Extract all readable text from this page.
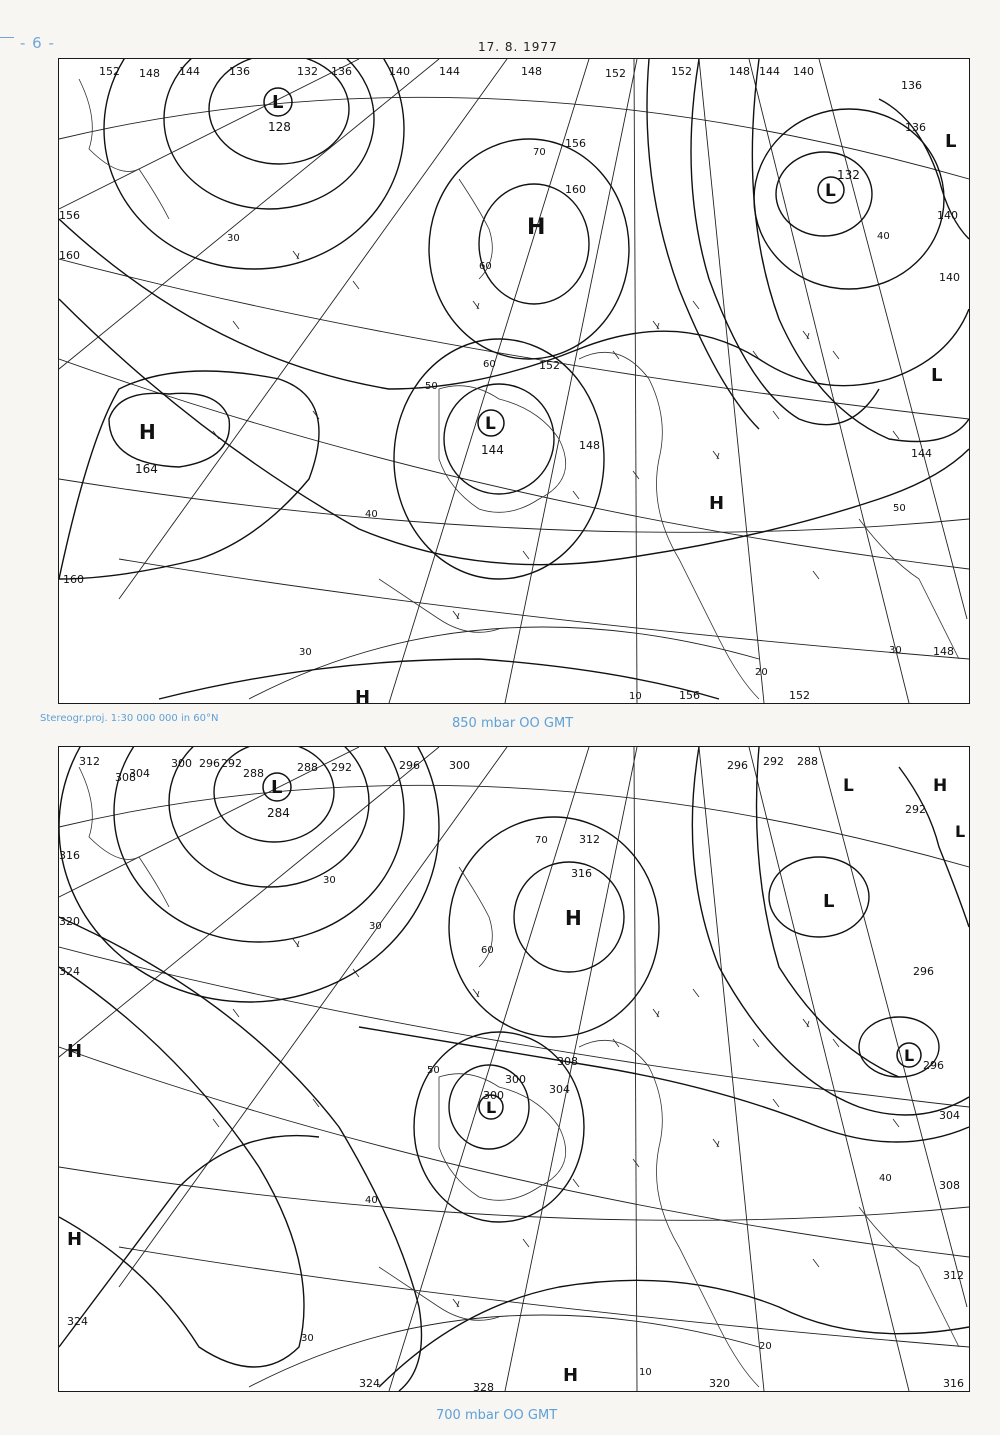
- 6 -	17. 8. 1977
L
128
H
H
164
L
144
L
132
L
L
H
H
152 148 144	136	132 136	140	144	148	152	152	148 144 140
136
136
156
160
160
156
152
148
140
140
144
148
160
156	152
70
60
50
40
30	30
20
10
30	40
50
60
Stereogr.proj. 1:30 000 000 in 60°N	850 mbar OO GMT
L
284
H
316
L
300
L
L
296
L	H
H
H
H
L
312
308
304
300 296 292
288	288 292	296	300
316
320
324
324
312
308
304
300
296 292 288
292
296
304
308
312
316
320
324	328
70
60
50
40
30
30
20
10
30
40
700 mbar OO GMT
